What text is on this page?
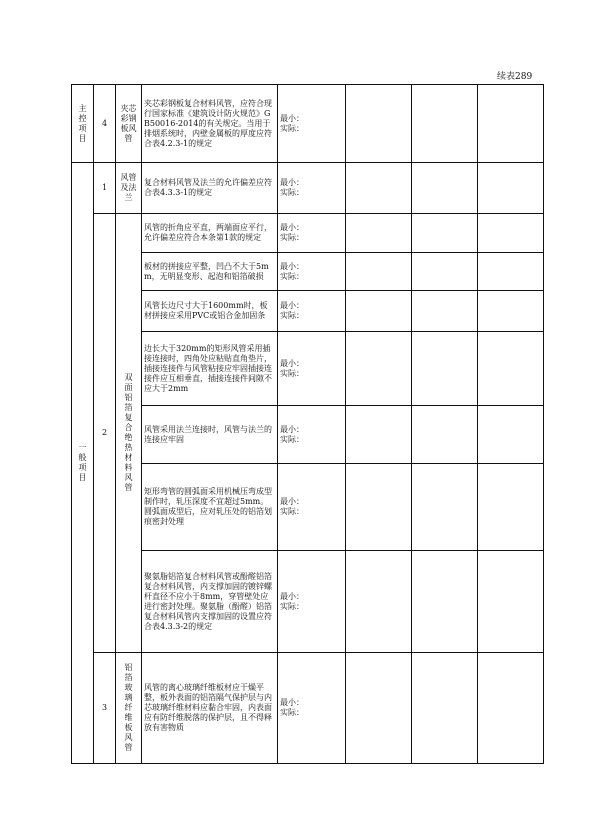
续表289
主控项目	4	夹芯彩钢板风管	夹芯彩钢板复合材料风管，应符合现行国家标准《建筑设计防火规范》GB50016-2014的有关规定。当用于排烟系统时，内壁金属板的厚度应符合表4.2.3-1的规定	最小：
实际：			

一般项目	1	风管及法兰	复合材料风管及法兰的允许偏差应符合表4.3.3-1的规定	最小：
实际：			

	2	双面铝箔复合绝热材料风管	风管的折角应平直，两端面应平行，允许偏差应符合本条第1款的规定	最小：
实际：			

			板材的拼接应平整，凹凸不大于5mm，无明显变形、起泡和铝箔破损	最小：
实际：			

			风管长边尺寸大于1600mm时，板材拼接应采用PVC或铝合金加固条	最小：
实际：			

			边长大于320mm的矩形风管采用插接连接时，四角处应粘贴直角垫片，插接连接件与风管粘接应牢固插接连接件应互相垂直，插接连接件间隙不应大于2mm	最小：
实际：			

			风管采用法兰连接时，风管与法兰的连接应牢固	最小：
实际：			

			矩形弯管的圆弧面采用机械压弯成型制作时，轧压深度不宜超过5mm。圆弧面成型后，应对轧压处的铝箔划痕密封处理	最小：
实际：			

			聚氨脂铝箔复合材料风管或酚醛铝箔复合材料风管，内支撑加固的镀锌螺杆直径不应小于8mm，穿管壁处应进行密封处理。聚氨脂（酚醛）铝箔复合材料风管内支撑加固的设置应符合表4.3.3-2的规定	最小：
实际：			

	3	铝箔玻璃纤维板风管	风管的离心玻璃纤维板材应干燥平整，板外表面的铝箔隔气保护层与内芯玻璃纤维材料应黏合牢固，内表面应有防纤维脱落的保护层，且不得释放有害物质	最小：
实际：			
